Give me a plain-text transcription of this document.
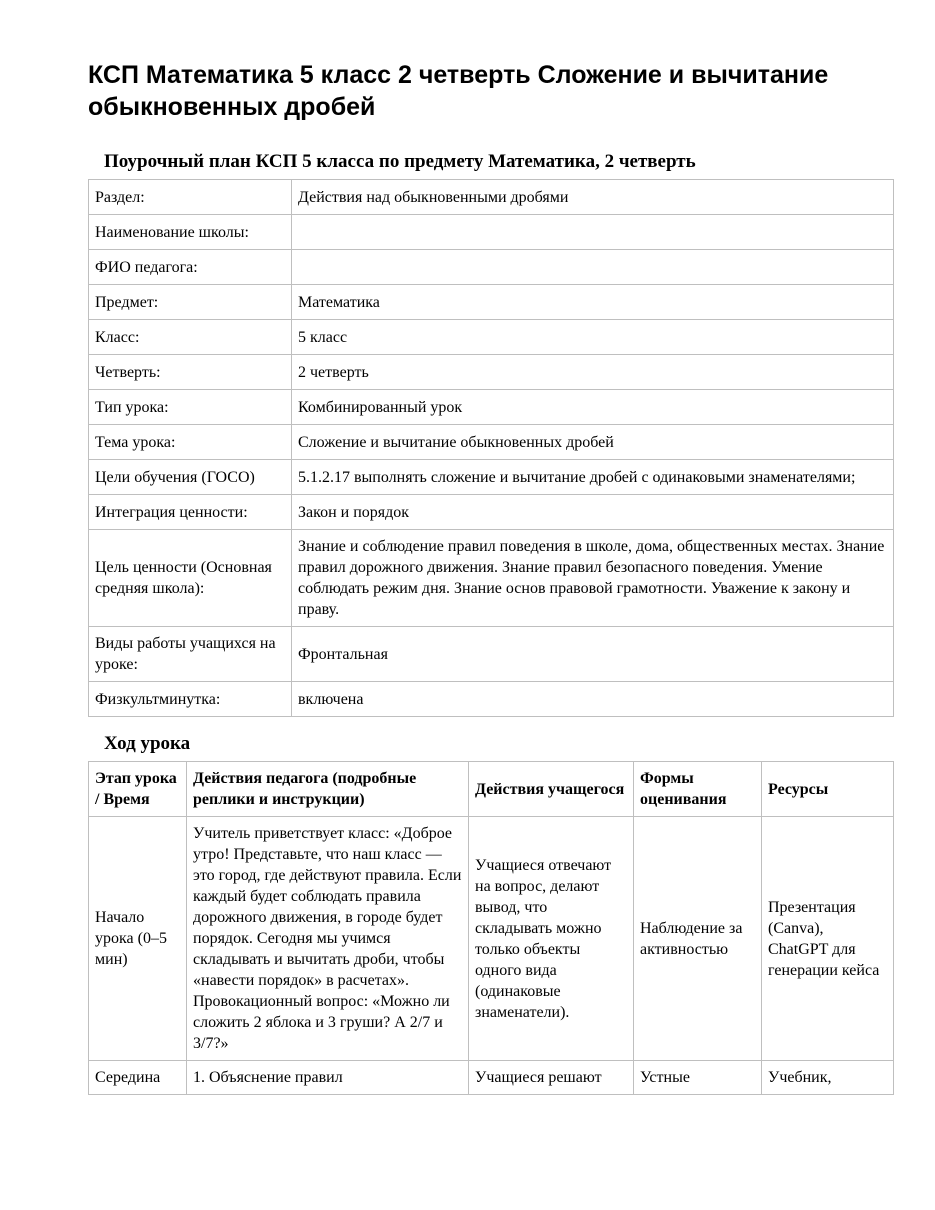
КСП Математика 5 класс 2 четверть Сложение и вычитание обыкновенных дробей
Поурочный план КСП 5 класса по предмету Математика, 2 четверть
Раздел:	Действия над обыкновенными дробями
Наименование школы:	
ФИО педагога:	
Предмет:	Математика
Класс:	5 класс
Четверть:	2 четверть
Тип урока:	Комбинированный урок
Тема урока:	Сложение и вычитание обыкновенных дробей
Цели обучения (ГОСО)	5.1.2.17 выполнять сложение и вычитание дробей с одинаковыми знаменателями;
Интеграция ценности:	Закон и порядок
Цель ценности (Основная средняя школа):	Знание и соблюдение правил поведения в школе, дома, общественных местах. Знание правил дорожного движения. Знание правил безопасного поведения. Умение соблюдать режим дня. Знание основ правовой грамотности. Уважение к закону и праву.
Виды работы учащихся на уроке:	Фронтальная
Физкультминутка:	включена
Ход урока
Этап урока / Время	Действия педагога (подробные реплики и инструкции)	Действия учащегося	Формы оценивания	Ресурсы
Начало урока (0–5 мин)	Учитель приветствует класс: «Доброе утро! Представьте, что наш класс — это город, где действуют правила. Если каждый будет соблюдать правила дорожного движения, в городе будет порядок. Сегодня мы учимся складывать и вычитать дроби, чтобы «навести порядок» в расчетах». Провокационный вопрос: «Можно ли сложить 2 яблока и 3 груши? А 2/7 и 3/7?»	Учащиеся отвечают на вопрос, делают вывод, что складывать можно только объекты одного вида (одинаковые знаменатели).	Наблюдение за активностью	Презентация (Canva), ChatGPT для генерации кейса
Середина	1. Объяснение правил	Учащиеся решают	Устные	Учебник,
